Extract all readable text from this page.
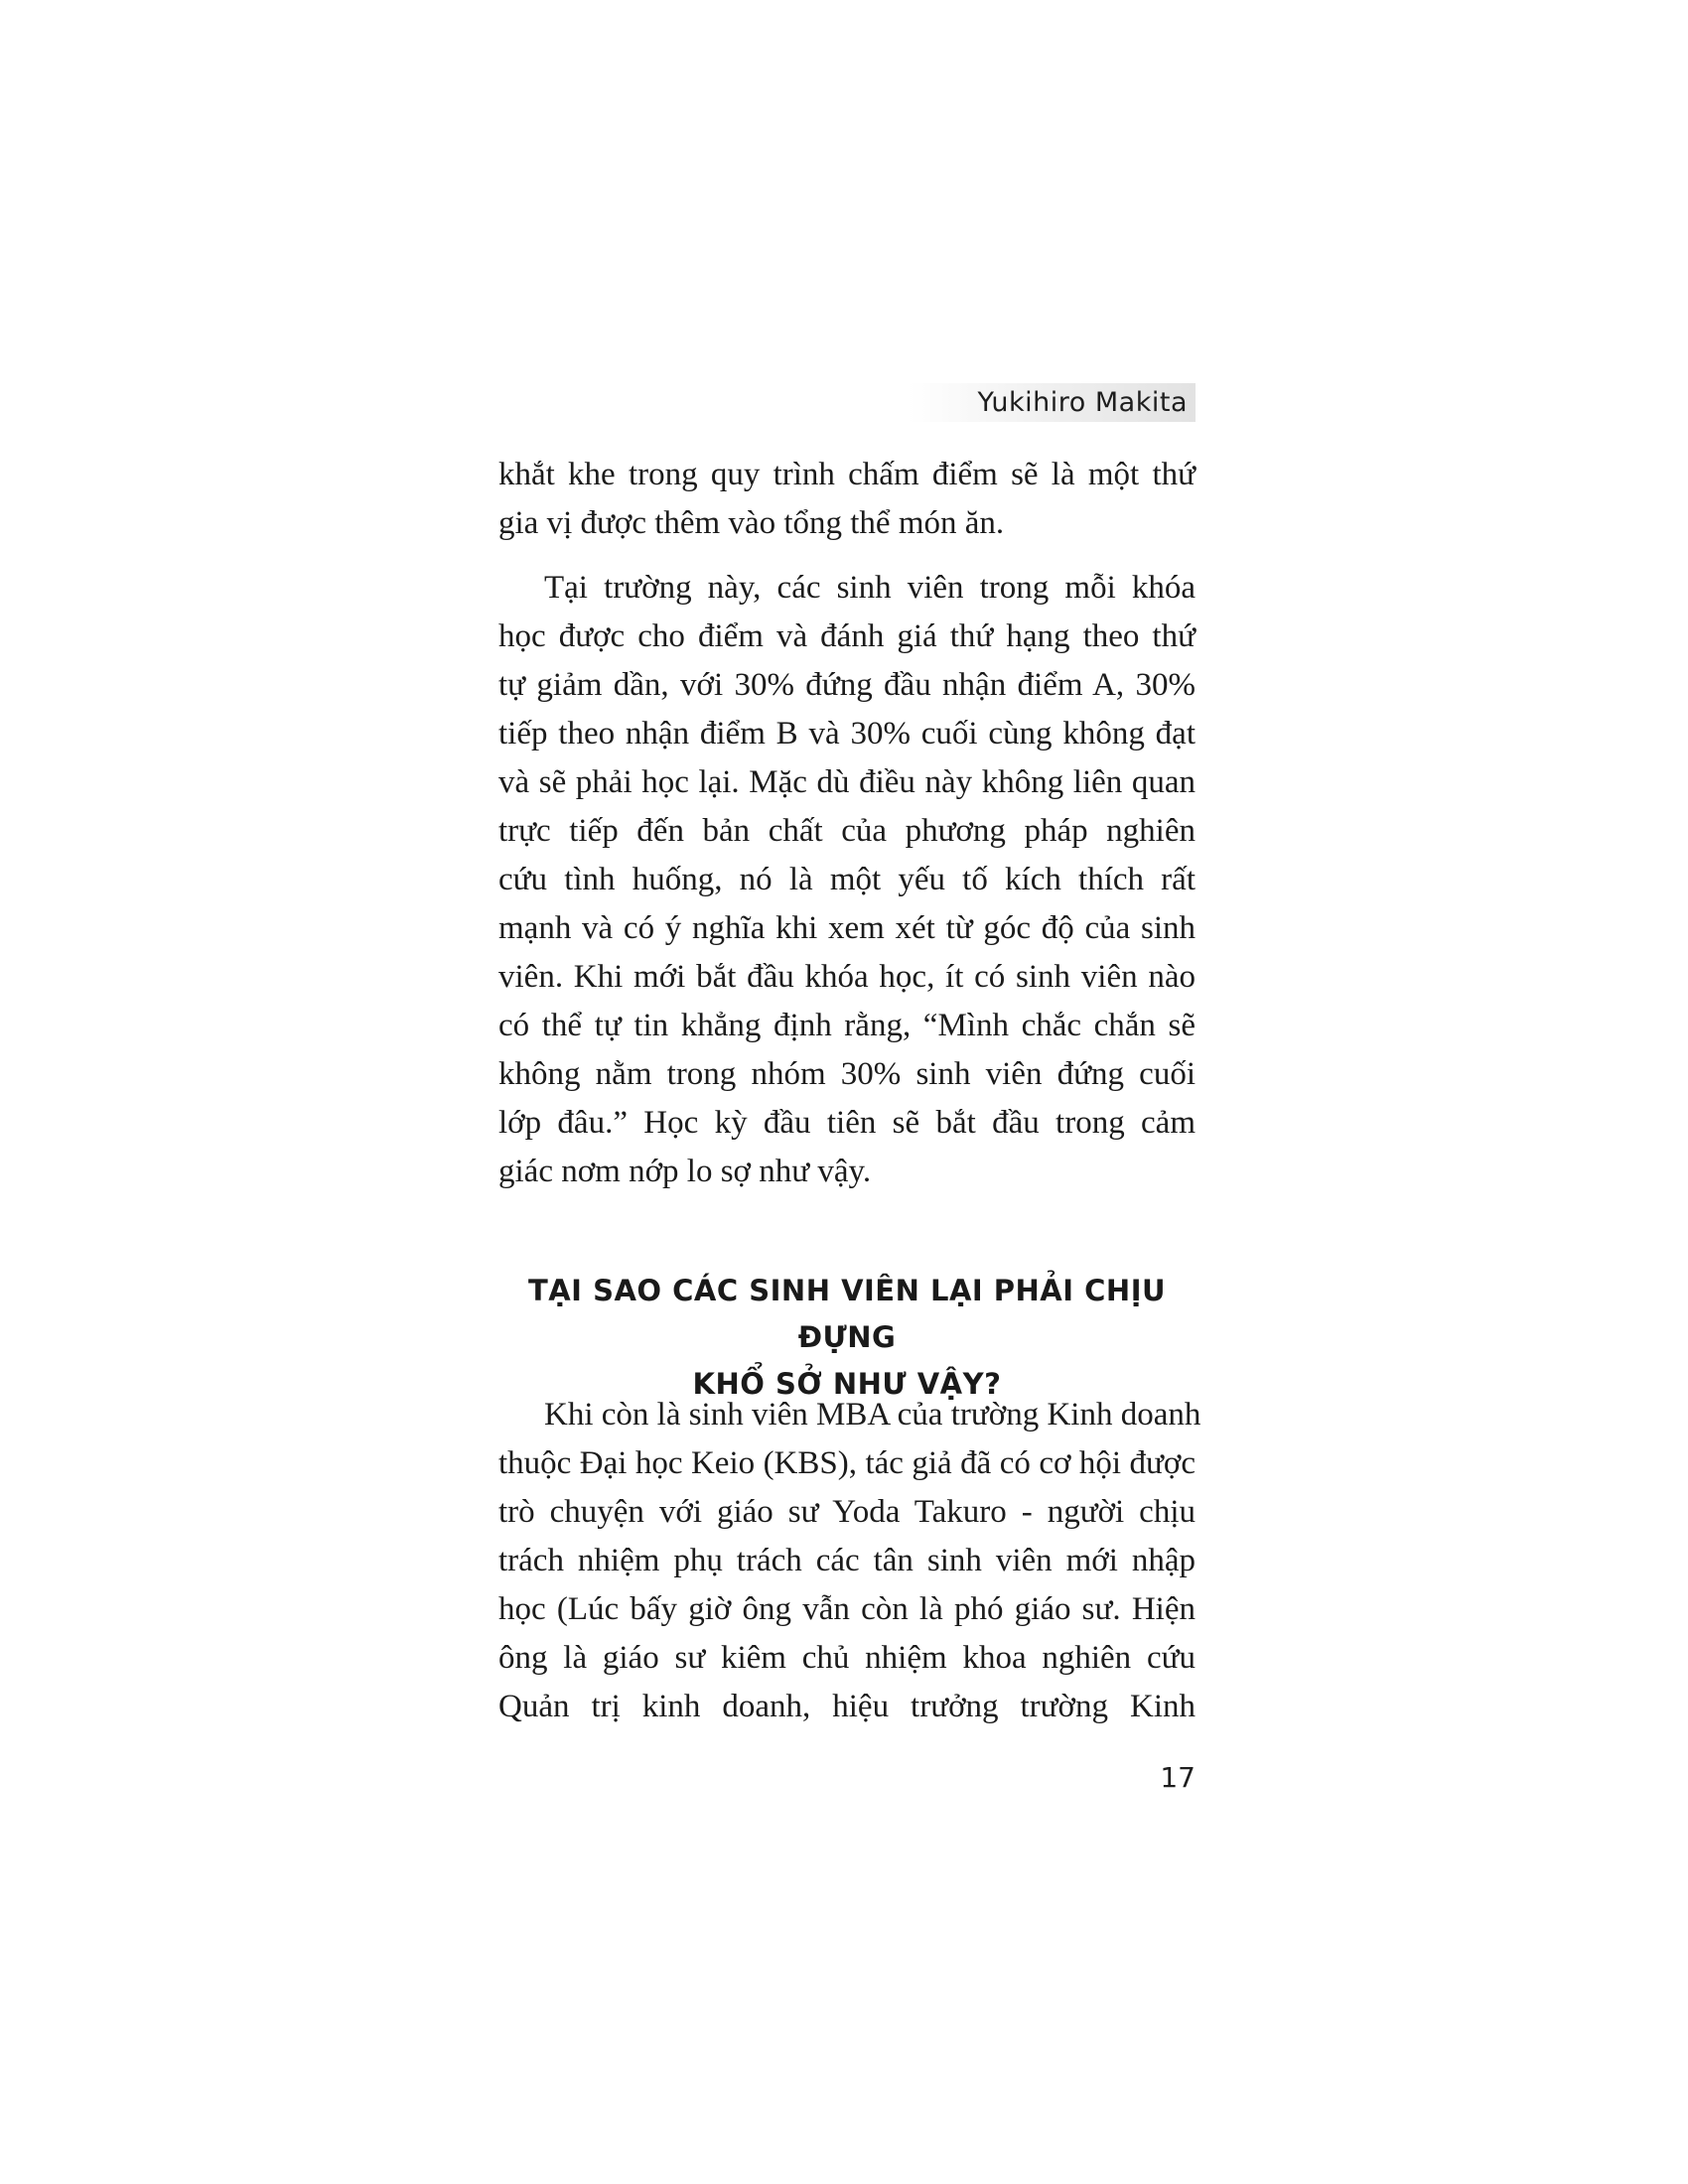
Yukihiro Makita
khắt khe trong quy trình chấm điểm sẽ là một thứ
gia vị được thêm vào tổng thể món ăn.
Tại trường này, các sinh viên trong mỗi khóa
học được cho điểm và đánh giá thứ hạng theo thứ
tự giảm dần, với 30% đứng đầu nhận điểm A, 30%
tiếp theo nhận điểm B và 30% cuối cùng không đạt
và sẽ phải học lại. Mặc dù điều này không liên quan
trực tiếp đến bản chất của phương pháp nghiên
cứu tình huống, nó là một yếu tố kích thích rất
mạnh và có ý nghĩa khi xem xét từ góc độ của sinh
viên. Khi mới bắt đầu khóa học, ít có sinh viên nào
có thể tự tin khẳng định rằng, “Mình chắc chắn sẽ
không nằm trong nhóm 30% sinh viên đứng cuối
lớp đâu.” Học kỳ đầu tiên sẽ bắt đầu trong cảm
giác nơm nớp lo sợ như vậy.
TẠI SAO CÁC SINH VIÊN LẠI PHẢI CHỊU ĐỰNG
KHỔ SỞ NHƯ VẬY?
Khi còn là sinh viên MBA của trường Kinh doanh
thuộc Đại học Keio (KBS), tác giả đã có cơ hội được
trò chuyện với giáo sư Yoda Takuro - người chịu
trách nhiệm phụ trách các tân sinh viên mới nhập
học (Lúc bấy giờ ông vẫn còn là phó giáo sư. Hiện
ông là giáo sư kiêm chủ nhiệm khoa nghiên cứu
Quản trị kinh doanh, hiệu trưởng trường Kinh
17
